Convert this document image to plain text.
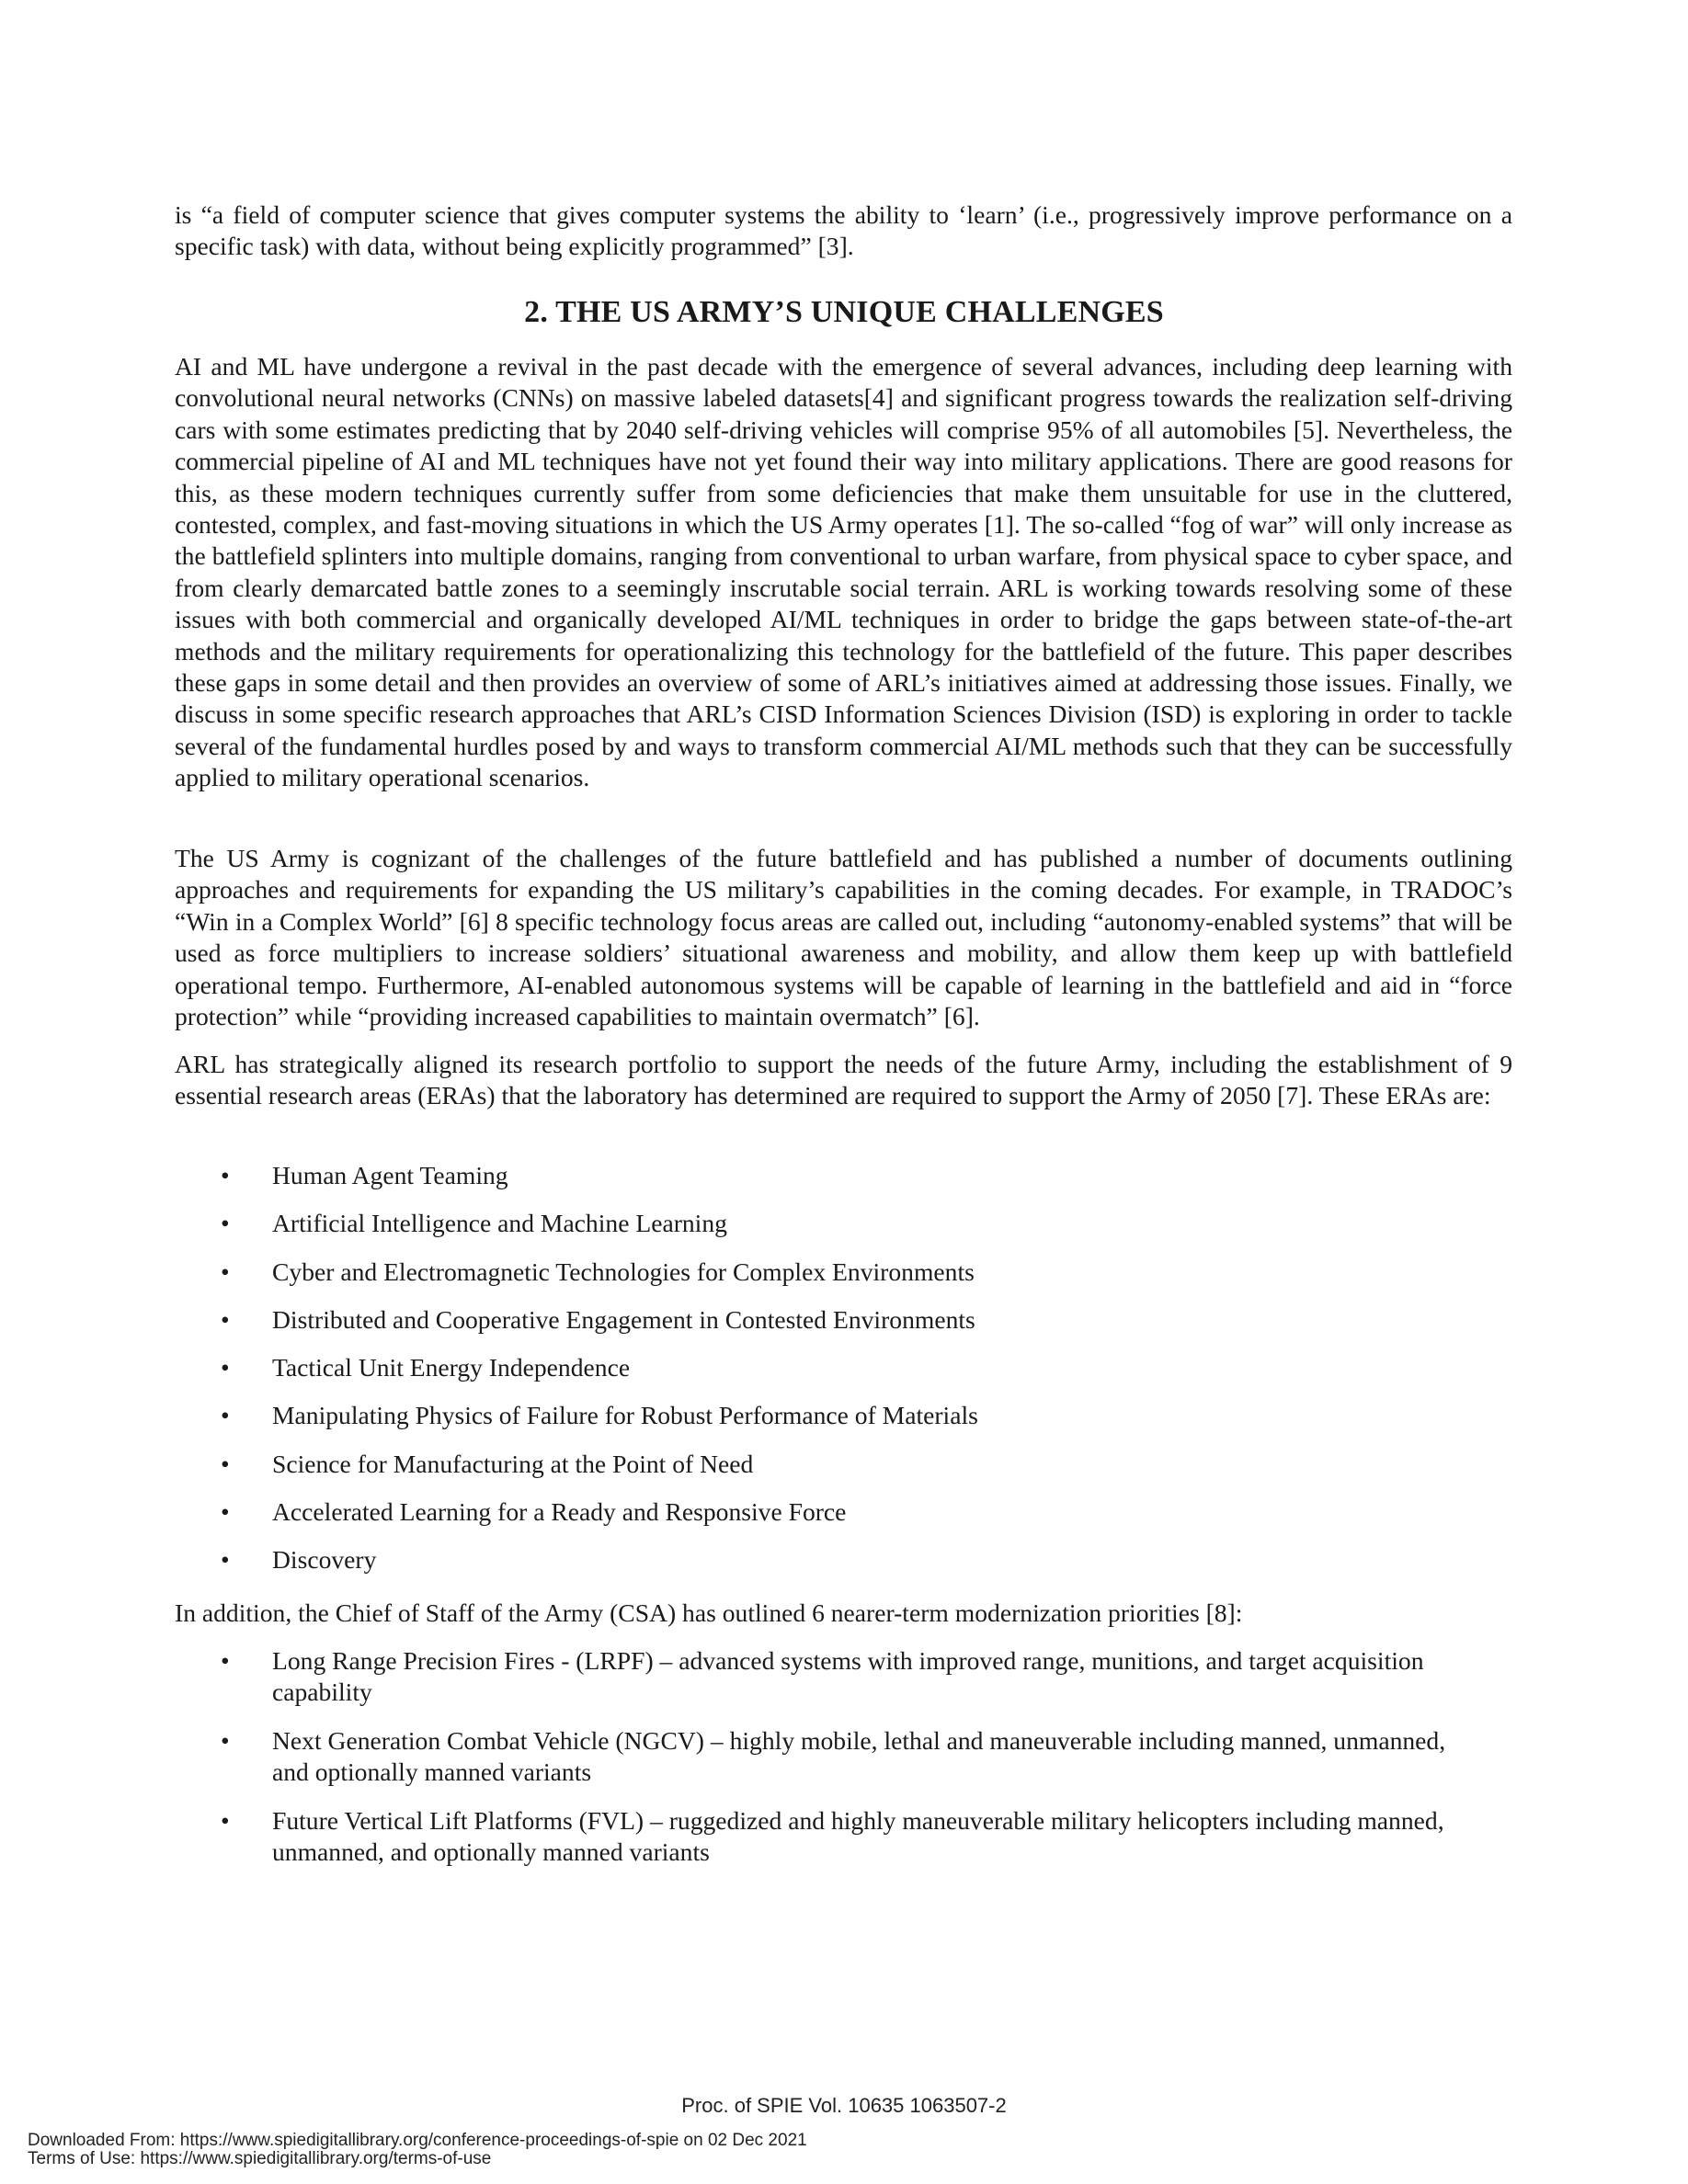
is “a field of computer science that gives computer systems the ability to ‘learn’ (i.e., progressively improve performance on a specific task) with data, without being explicitly programmed” [3].

2. THE US ARMY’S UNIQUE CHALLENGES

AI and ML have undergone a revival in the past decade with the emergence of several advances, including deep learning with convolutional neural networks (CNNs) on massive labeled datasets[4] and significant progress towards the realization self-driving cars with some estimates predicting that by 2040 self-driving vehicles will comprise 95% of all automobiles [5]. Nevertheless, the commercial pipeline of AI and ML techniques have not yet found their way into military applications. There are good reasons for this, as these modern techniques currently suffer from some deficiencies that make them unsuitable for use in the cluttered, contested, complex, and fast-moving situations in which the US Army operates [1]. The so-called “fog of war” will only increase as the battlefield splinters into multiple domains, ranging from conventional to urban warfare, from physical space to cyber space, and from clearly demarcated battle zones to a seemingly inscrutable social terrain. ARL is working towards resolving some of these issues with both commercial and organically developed AI/ML techniques in order to bridge the gaps between state-of-the-art methods and the military requirements for operationalizing this technology for the battlefield of the future. This paper describes these gaps in some detail and then provides an overview of some of ARL’s initiatives aimed at addressing those issues. Finally, we discuss in some specific research approaches that ARL’s CISD Information Sciences Division (ISD) is exploring in order to tackle several of the fundamental hurdles posed by and ways to transform commercial AI/ML methods such that they can be successfully applied to military operational scenarios.

The US Army is cognizant of the challenges of the future battlefield and has published a number of documents outlining approaches and requirements for expanding the US military’s capabilities in the coming decades. For example, in TRADOC’s “Win in a Complex World” [6] 8 specific technology focus areas are called out, including “autonomy-enabled systems” that will be used as force multipliers to increase soldiers’ situational awareness and mobility, and allow them keep up with battlefield operational tempo. Furthermore, AI-enabled autonomous systems will be capable of learning in the battlefield and aid in “force protection” while “providing increased capabilities to maintain overmatch” [6].

ARL has strategically aligned its research portfolio to support the needs of the future Army, including the establishment of 9 essential research areas (ERAs) that the laboratory has determined are required to support the Army of 2050 [7]. These ERAs are:

• Human Agent Teaming
• Artificial Intelligence and Machine Learning
• Cyber and Electromagnetic Technologies for Complex Environments
• Distributed and Cooperative Engagement in Contested Environments
• Tactical Unit Energy Independence
• Manipulating Physics of Failure for Robust Performance of Materials
• Science for Manufacturing at the Point of Need
• Accelerated Learning for a Ready and Responsive Force
• Discovery

In addition, the Chief of Staff of the Army (CSA) has outlined 6 nearer-term modernization priorities [8]:

• Long Range Precision Fires - (LRPF) – advanced systems with improved range, munitions, and target acquisition capability
• Next Generation Combat Vehicle (NGCV) – highly mobile, lethal and maneuverable including manned, unmanned, and optionally manned variants
• Future Vertical Lift Platforms (FVL) – ruggedized and highly maneuverable military helicopters including manned, unmanned, and optionally manned variants
Proc. of SPIE Vol. 10635 1063507-2
Downloaded From: https://www.spiedigitallibrary.org/conference-proceedings-of-spie on 02 Dec 2021
Terms of Use: https://www.spiedigitallibrary.org/terms-of-use
